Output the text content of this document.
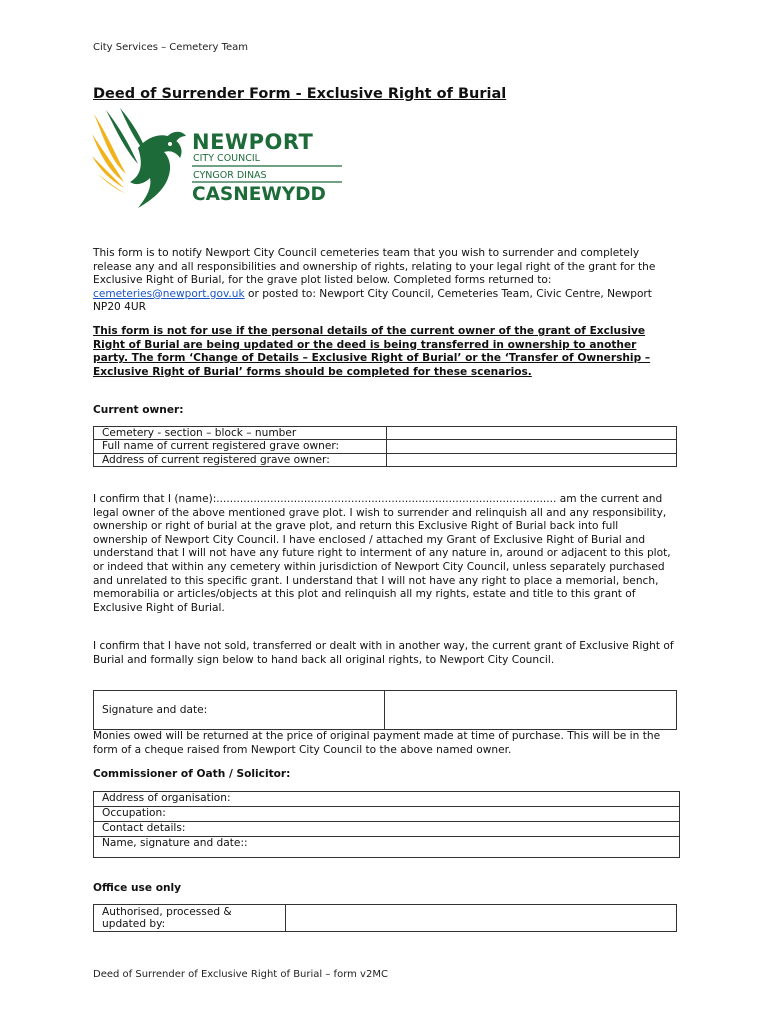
City Services – Cemetery Team
Deed of Surrender Form - Exclusive Right of Burial
NEWPORT
CITY COUNCIL
CYNGOR DINAS
CASNEWYDD
This form is to notify Newport City Council cemeteries team that you wish to surrender and completely release any and all responsibilities and ownership of rights, relating to your legal right of the grant for the Exclusive Right of Burial, for the grave plot listed below. Completed forms returned to: cemeteries@newport.gov.uk or posted to: Newport City Council, Cemeteries Team, Civic Centre, Newport NP20 4UR
This form is not for use if the personal details of the current owner of the grant of Exclusive Right of Burial are being updated or the deed is being transferred in ownership to another party. The form ‘Change of Details – Exclusive Right of Burial’ or the ‘Transfer of Ownership – Exclusive Right of Burial’ forms should be completed for these scenarios.
Current owner:
Cemetery - section – block – number	
Full name of current registered grave owner:	
Address of current registered grave owner:	
I confirm that I (name):..................................................................................................... am the current and legal owner of the above mentioned grave plot. I wish to surrender and relinquish all and any responsibility, ownership or right of burial at the grave plot, and return this Exclusive Right of Burial back into full ownership of Newport City Council. I have enclosed / attached my Grant of Exclusive Right of Burial and understand that I will not have any future right to interment of any nature in, around or adjacent to this plot, or indeed that within any cemetery within jurisdiction of Newport City Council, unless separately purchased and unrelated to this specific grant. I understand that I will not have any right to place a memorial, bench, memorabilia or articles/objects at this plot and relinquish all my rights, estate and title to this grant of Exclusive Right of Burial.
I confirm that I have not sold, transferred or dealt with in another way, the current grant of Exclusive Right of Burial and formally sign below to hand back all original rights, to Newport City Council.
Signature and date:	
Monies owed will be returned at the price of original payment made at time of purchase. This will be in the form of a cheque raised from Newport City Council to the above named owner.
Commissioner of Oath / Solicitor:
Address of organisation:
Occupation:
Contact details:
Name, signature and date::
Office use only
Authorised, processed & updated by:	
Deed of Surrender of Exclusive Right of Burial – form v2MC
